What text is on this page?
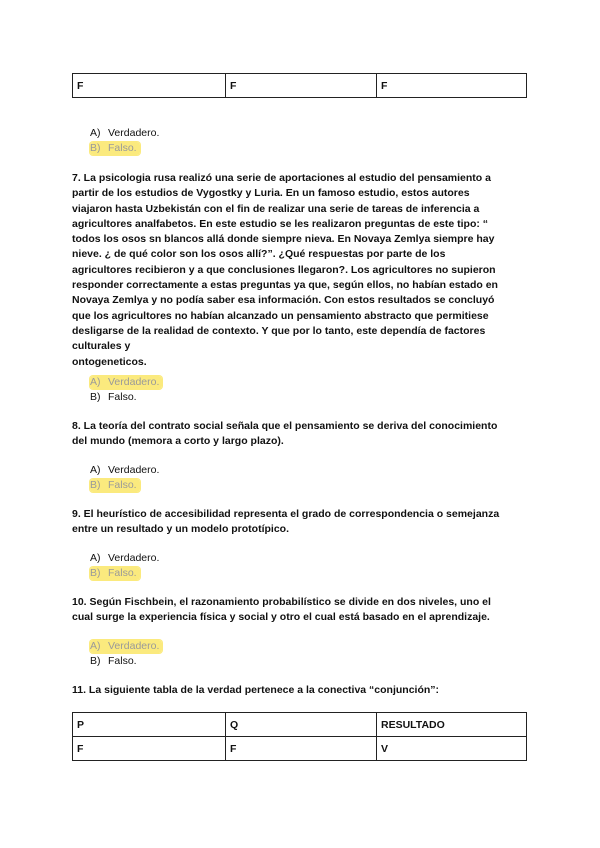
F	F	F
A) Verdadero.
B) Falso.
7. La psicologia rusa realizó una serie de aportaciones al estudio del pensamiento a
partir de los estudios de Vygostky y Luria. En un famoso estudio, estos autores
viajaron hasta Uzbekistán con el fin de realizar una serie de tareas de inferencia a
agricultores analfabetos. En este estudio se les realizaron preguntas de este tipo: “
todos los osos sn blancos allá donde siempre nieva. En Novaya Zemlya siempre hay
nieve. ¿ de qué color son los osos allí?”. ¿Qué respuestas por parte de los
agricultores recibieron y a que conclusiones llegaron?. Los agricultores no supieron
responder correctamente a estas preguntas ya que, según ellos, no habían estado en
Novaya Zemlya y no podía saber esa información. Con estos resultados se concluyó
que los agricultores no habían alcanzado un pensamiento abstracto que permitiese
desligarse de la realidad de contexto. Y que por lo tanto, este dependía de factores
culturales y
ontogeneticos.
A) Verdadero.
B) Falso.
8. La teoría del contrato social señala que el pensamiento se deriva del conocimiento
del mundo (memora a corto y largo plazo).
A) Verdadero.
B) Falso.
9. El heurístico de accesibilidad representa el grado de correspondencia o semejanza
entre un resultado y un modelo prototípico.
A) Verdadero.
B) Falso.
10. Según Fischbein, el razonamiento probabilístico se divide en dos niveles, uno el
cual surge la experiencia física y social y otro el cual está basado en el aprendizaje.
A) Verdadero.
B) Falso.
11. La siguiente tabla de la verdad pertenece a la conectiva “conjunción”:
P	Q	RESULTADO
F	F	V
